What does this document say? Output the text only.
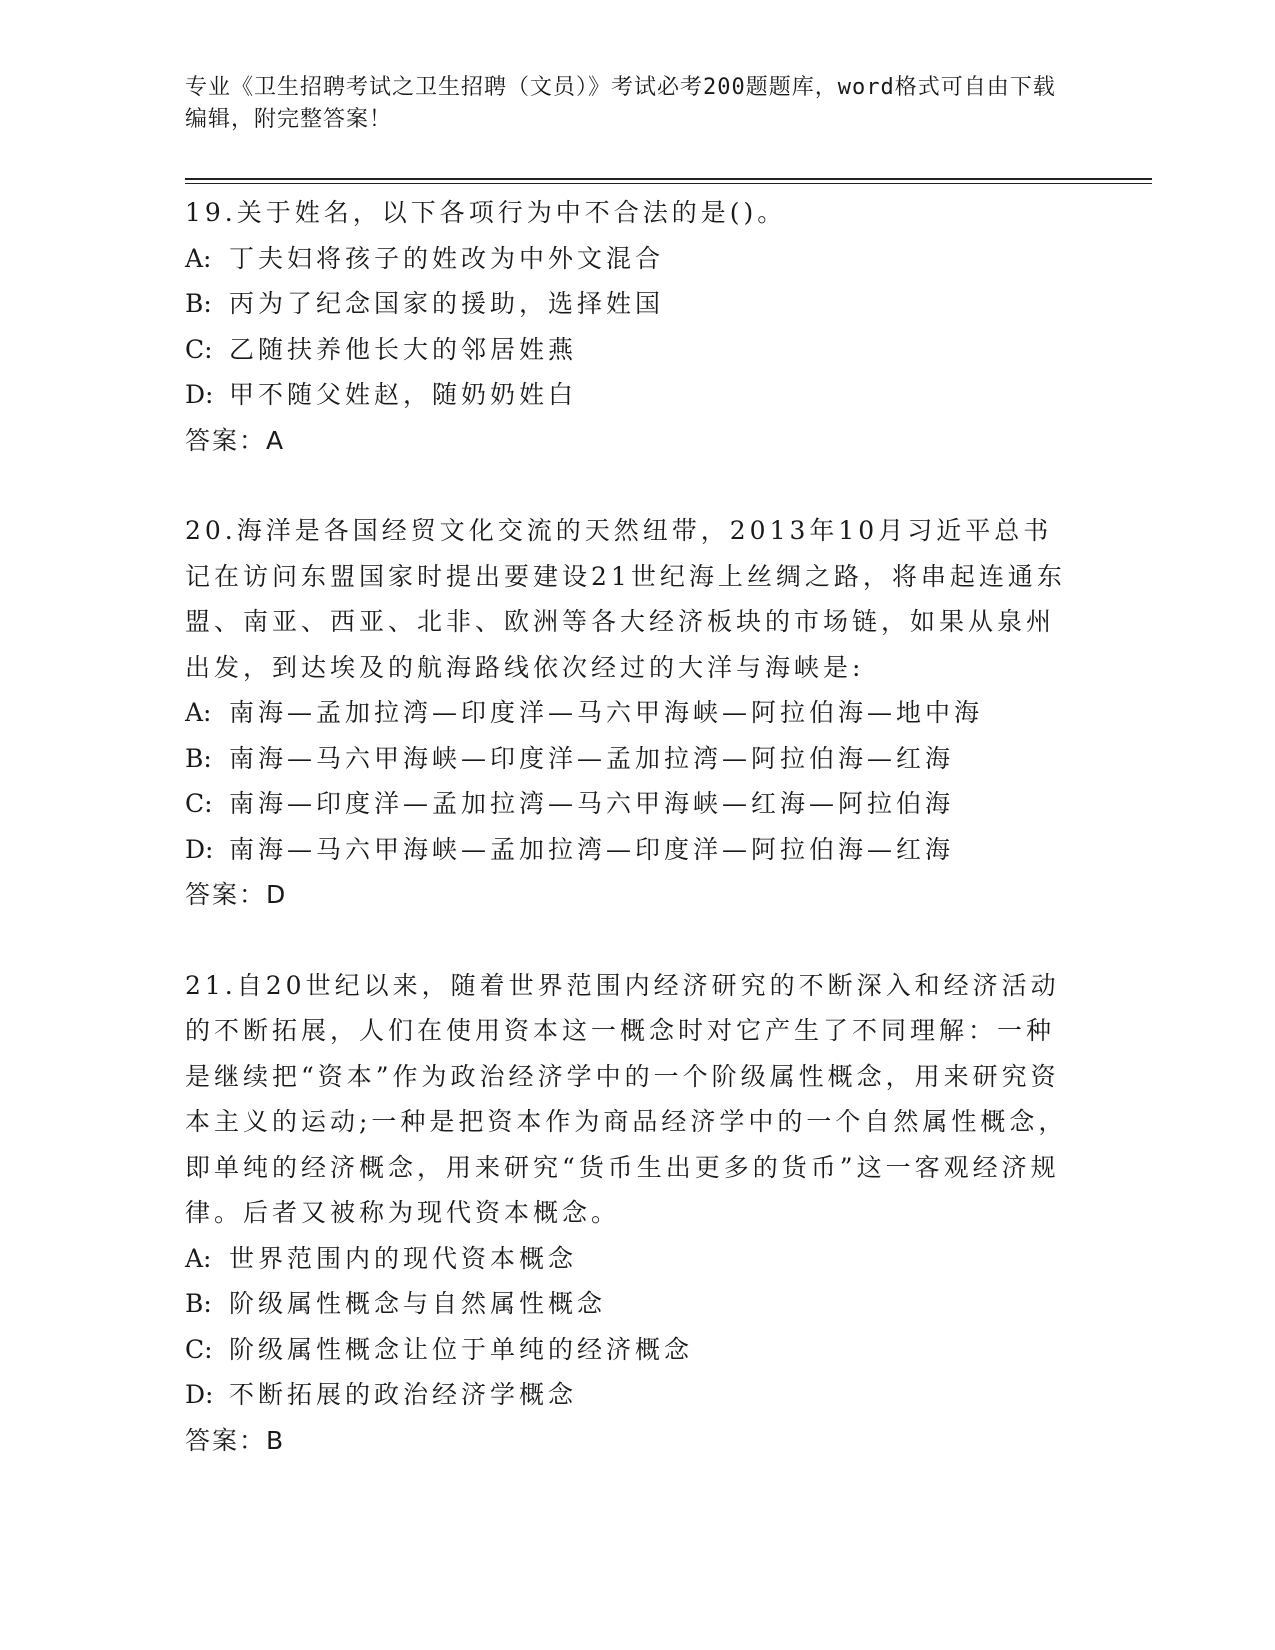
专业《卫生招聘考试之卫生招聘（文员）》考试必考200题题库，word格式可自由下载编辑，附完整答案！

19.关于姓名，以下各项行为中不合法的是()。

A: 丁夫妇将孩子的姓改为中外文混合

B: 丙为了纪念国家的援助，选择姓国

C: 乙随扶养他长大的邻居姓燕

D: 甲不随父姓赵，随奶奶姓白

答案：A

20.海洋是各国经贸文化交流的天然纽带，2013年10月习近平总书记在访问东盟国家时提出要建设21世纪海上丝绸之路，将串起连通东盟、南亚、西亚、北非、欧洲等各大经济板块的市场链，如果从泉州出发，到达埃及的航海路线依次经过的大洋与海峡是:

A: 南海—孟加拉湾—印度洋—马六甲海峡—阿拉伯海—地中海

B: 南海—马六甲海峡—印度洋—孟加拉湾—阿拉伯海—红海

C: 南海—印度洋—孟加拉湾—马六甲海峡—红海—阿拉伯海

D: 南海—马六甲海峡—孟加拉湾—印度洋—阿拉伯海—红海

答案：D

21.自20世纪以来，随着世界范围内经济研究的不断深入和经济活动的不断拓展，人们在使用资本这一概念时对它产生了不同理解：一种是继续把“资本”作为政治经济学中的一个阶级属性概念，用来研究资本主义的运动;一种是把资本作为商品经济学中的一个自然属性概念，即单纯的经济概念，用来研究“货币生出更多的货币”这一客观经济规律。后者又被称为现代资本概念。

A: 世界范围内的现代资本概念

B: 阶级属性概念与自然属性概念

C: 阶级属性概念让位于单纯的经济概念

D: 不断拓展的政治经济学概念

答案：B
